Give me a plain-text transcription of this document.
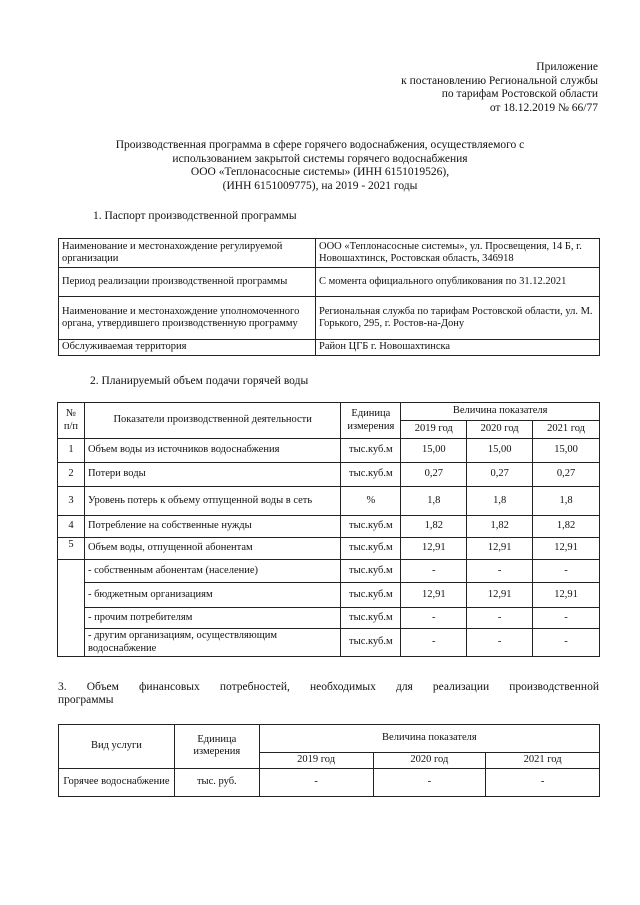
Приложение
к постановлению Региональной службы
по тарифам Ростовской области
от 18.12.2019 № 66/77
Производственная программа в сфере горячего водоснабжения, осуществляемого с
использованием закрытой системы горячего водоснабжения
ООО «Теплонасосные системы» (ИНН 6151019526),
(ИНН 6151009775), на 2019 - 2021 годы
1. Паспорт производственной программы
Наименование и местонахождение регулируемой организации	ООО «Теплонасосные системы», ул. Просвещения, 14 Б, г. Новошахтинск, Ростовская область, 346918
Период реализации производственной программы	С момента официального опубликования по 31.12.2021
Наименование и местонахождение уполномоченного органа, утвердившего производственную программу	Региональная служба по тарифам Ростовской области, ул. М. Горького, 295, г. Ростов-на-Дону
Обслуживаемая территория	Район ЦГБ г. Новошахтинска
2. Планируемый объем подачи горячей воды
№ п/п	Показатели производственной деятельности	Единица измерения	Величина показателя		
			2019 год	2020 год	2021 год
1	Объем воды из источников водоснабжения	тыс.куб.м	15,00	15,00	15,00
2	Потери воды	тыс.куб.м	0,27	0,27	0,27
3	Уровень потерь к объему отпущенной воды в сеть	%	1,8	1,8	1,8
4	Потребление на собственные нужды	тыс.куб.м	1,82	1,82	1,82
5	Объем воды, отпущенной абонентам	тыс.куб.м	12,91	12,91	12,91
	- собственным абонентам (население)	тыс.куб.м	-	-	-
	- бюджетным организациям	тыс.куб.м	12,91	12,91	12,91
	- прочим потребителям	тыс.куб.м	-	-	-
	- другим организациям, осуществляющим водоснабжение	тыс.куб.м	-	-	-
3. Объем финансовых потребностей, необходимых для реализации производственной
программы
Вид услуги	Единица измерения	Величина показателя		
		2019 год	2020 год	2021 год
Горячее водоснабжение	тыс. руб.	-	-	-
